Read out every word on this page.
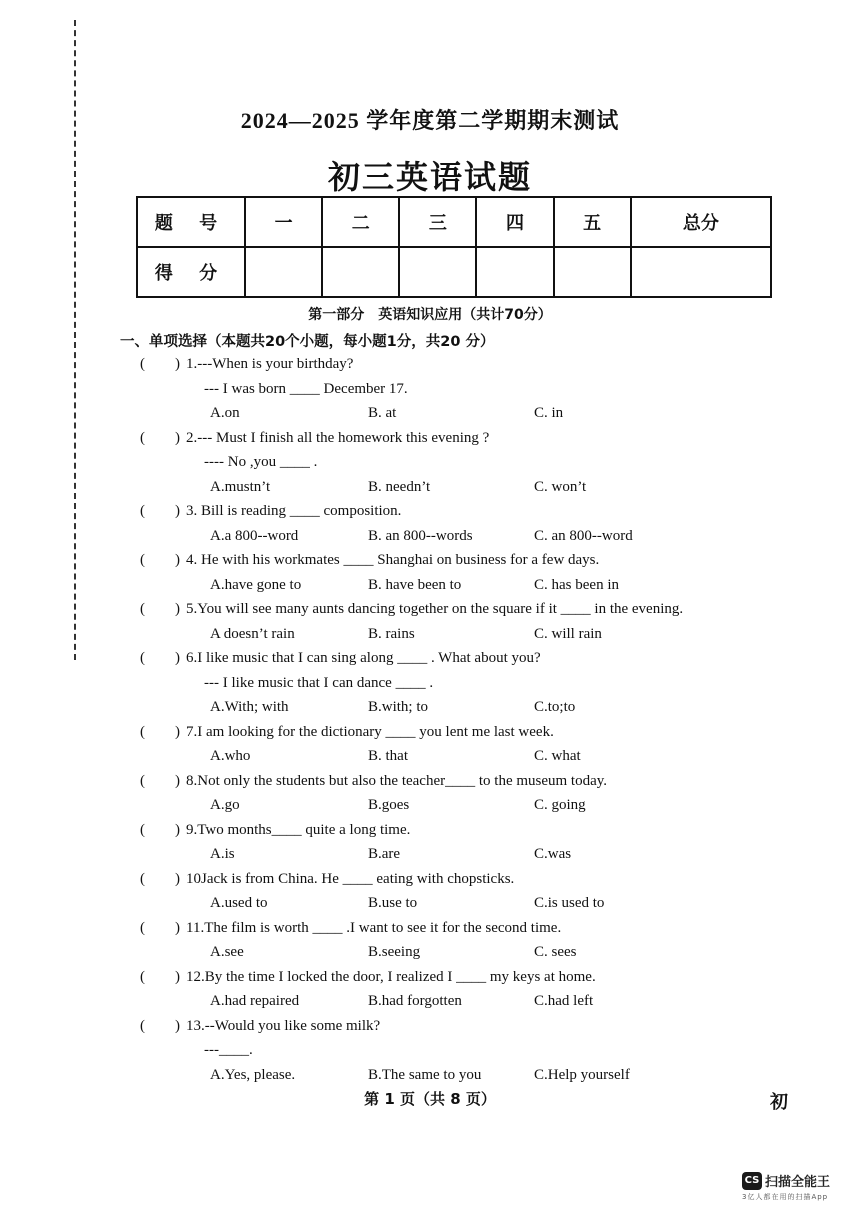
2024—2025 学年度第二学期期末测试
初三英语试题
题 号	一	二	三	四	五	总分
得 分						
第一部分　英语知识应用（共计70分）
一、单项选择（本题共20个小题，每小题1分，共20 分）
(　　) 1.---When is your birthday?
--- I was born ____ December 17.
A.on	B. at	C. in
(　　) 2.--- Must I finish all the homework this evening ?
---- No ,you ____ .
A.mustn’t	B. needn’t	C. won’t
(　　) 3. Bill is reading ____ composition.
A.a 800--word	B. an 800--words	C. an 800--word
(　　) 4. He with his workmates ____ Shanghai on business for a few days.
A.have gone to	B. have been to	C. has been in
(　　) 5.You will see many aunts dancing together on the square if it ____ in the evening.
A doesn’t rain	B. rains	C. will rain
(　　) 6.I like music that I can sing along ____ . What about you?
--- I like music that I can dance ____ .
A.With; with	B.with; to	C.to;to
(　　) 7.I am looking for the dictionary ____ you lent me last week.
A.who	B. that	C. what
(　　) 8.Not only the students but also the teacher____ to the museum today.
A.go	B.goes	C. going
(　　) 9.Two months____ quite a long time.
A.is	B.are	C.was
(　　) 10Jack is from China. He ____ eating with chopsticks.
A.used to	B.use to	C.is used to
(　　) 11.The film is worth ____ .I want to see it for the second time.
A.see	B.seeing	C. sees
(　　) 12.By the time I locked the door, I realized I ____ my keys at home.
A.had repaired	B.had forgotten	C.had left
(　　) 13.--Would you like some milk?
---____.
A.Yes, please.	B.The same to you	C.Help yourself
第 1 页（共 8 页）	初
CS 扫描全能王
3亿人都在用的扫描App
